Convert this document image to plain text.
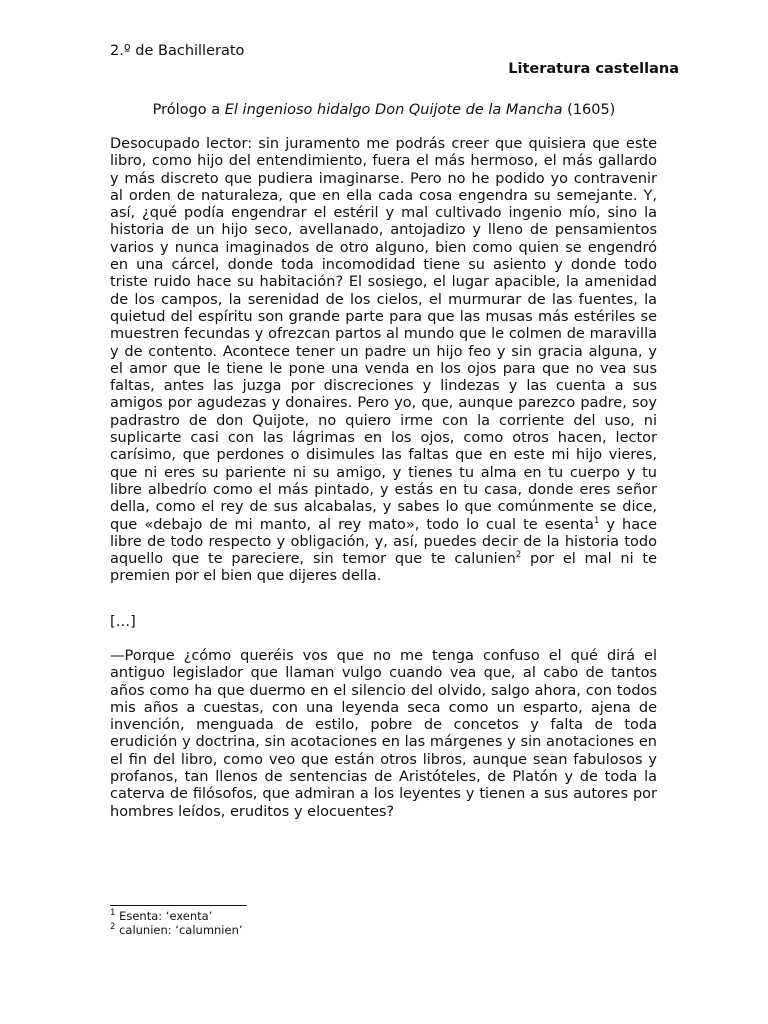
2.º de Bachillerato

Literatura castellana

Prólogo a El ingenioso hidalgo Don Quijote de la Mancha (1605)

Desocupado lector: sin juramento me podrás creer que quisiera que este libro, como hijo del entendimiento, fuera el más hermoso, el más gallardo y más discreto que pudiera imaginarse. Pero no he podido yo contravenir al orden de naturaleza, que en ella cada cosa engendra su semejante. Y, así, ¿qué podía engendrar el estéril y mal cultivado ingenio mío, sino la historia de un hijo seco, avellanado, antojadizo y lleno de pensamientos varios y nunca imaginados de otro alguno, bien como quien se engendró en una cárcel, donde toda incomodidad tiene su asiento y donde todo triste ruido hace su habitación? El sosiego, el lugar apacible, la amenidad de los campos, la serenidad de los cielos, el murmurar de las fuentes, la quietud del espíritu son grande parte para que las musas más estériles se muestren fecundas y ofrezcan partos al mundo que le colmen de maravilla y de contento. Acontece tener un padre un hijo feo y sin gracia alguna, y el amor que le tiene le pone una venda en los ojos para que no vea sus faltas, antes las juzga por discreciones y lindezas y las cuenta a sus amigos por agudezas y donaires. Pero yo, que, aunque parezco padre, soy padrastro de don Quijote, no quiero irme con la corriente del uso, ni suplicarte casi con las lágrimas en los ojos, como otros hacen, lector carísimo, que perdones o disimules las faltas que en este mi hijo vieres, que ni eres su pariente ni su amigo, y tienes tu alma en tu cuerpo y tu libre albedrío como el más pintado, y estás en tu casa, donde eres señor della, como el rey de sus alcabalas, y sabes lo que comúnmente se dice, que «debajo de mi manto, al rey mato», todo lo cual te esenta$^1$ y hace libre de todo respecto y obligación, y, así, puedes decir de la historia todo aquello que te pareciere, sin temor que te calunien$^2$ por el mal ni te premien por el bien que dijeres della.

[…]

—Porque ¿cómo queréis vos que no me tenga confuso el qué dirá el antiguo legislador que llaman vulgo cuando vea que, al cabo de tantos años como ha que duermo en el silencio del olvido, salgo ahora, con todos mis años a cuestas, con una leyenda seca como un esparto, ajena de invención, menguada de estilo, pobre de concetos y falta de toda erudición y doctrina, sin acotaciones en las márgenes y sin anotaciones en el fin del libro, como veo que están otros libros, aunque sean fabulosos y profanos, tan llenos de sentencias de Aristóteles, de Platón y de toda la caterva de filósofos, que admiran a los leyentes y tienen a sus autores por hombres leídos, eruditos y elocuentes?

$^1$ Esenta: ‘exenta’
$^2$ calunien: ‘calumnien’
